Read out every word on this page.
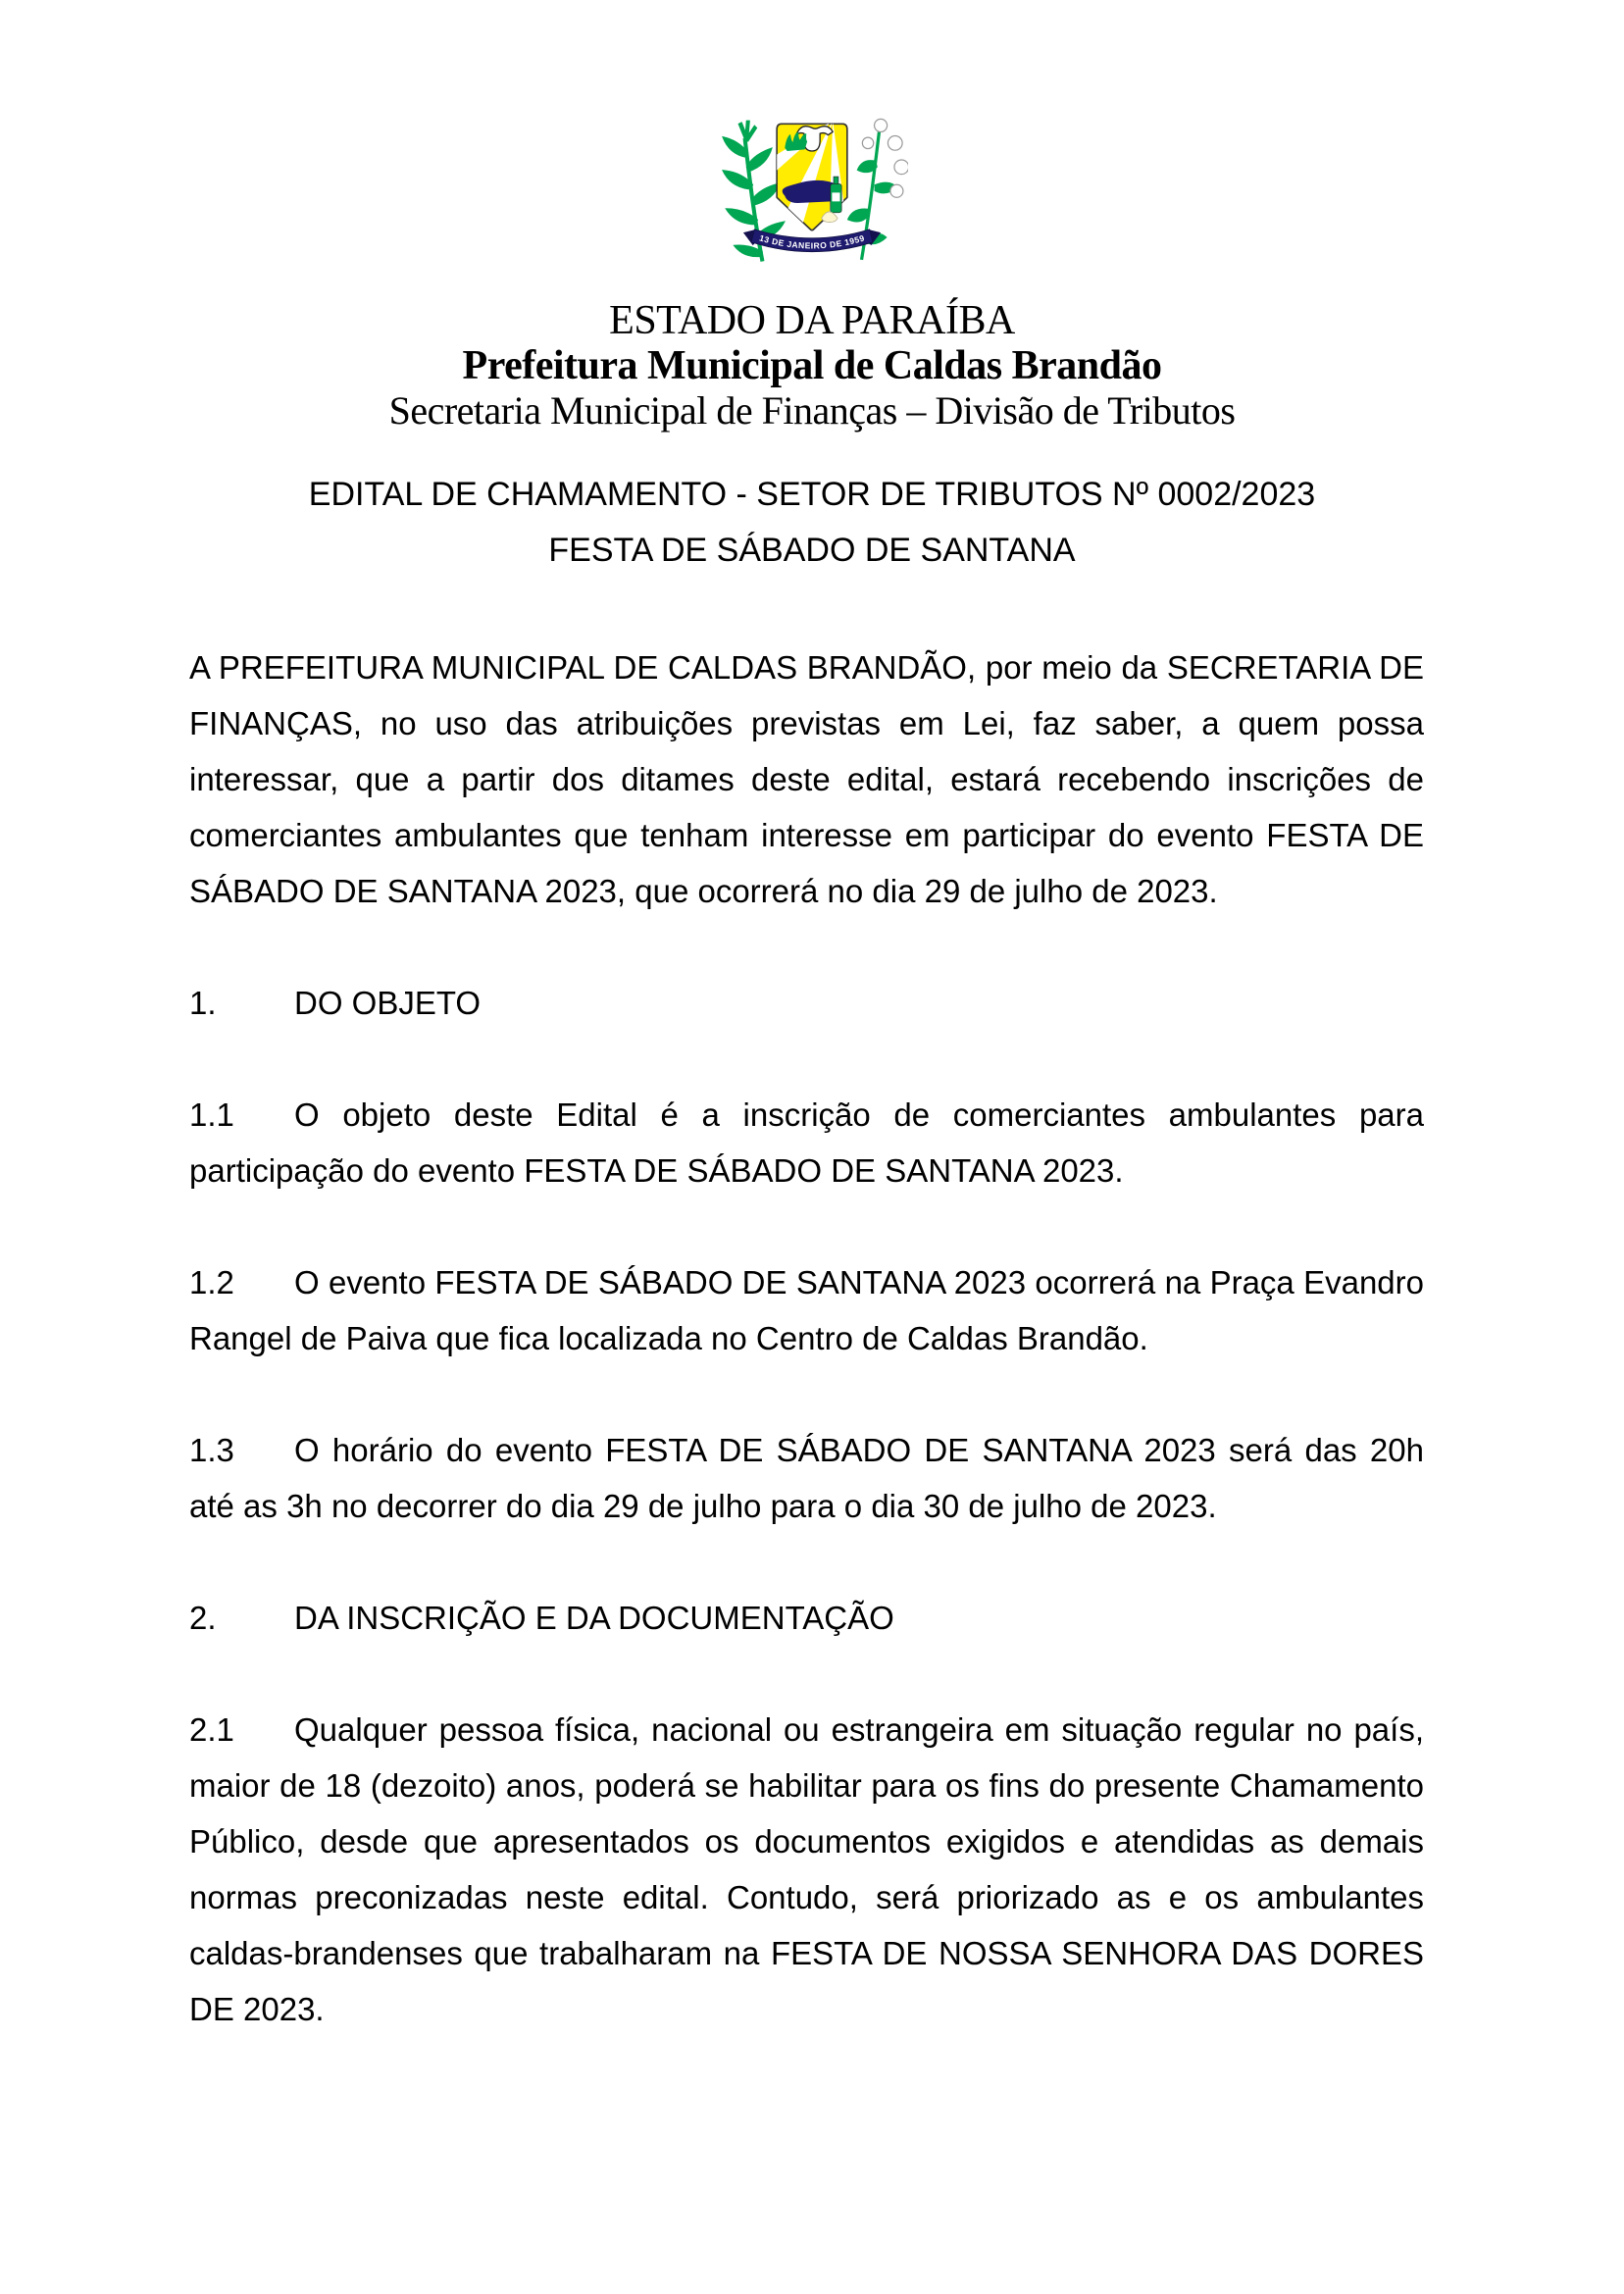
13 DE JANEIRO DE 1959
ESTADO DA PARAÍBA
Prefeitura Municipal de Caldas Brandão
Secretaria Municipal de Finanças – Divisão de Tributos
EDITAL DE CHAMAMENTO - SETOR DE TRIBUTOS Nº 0002/2023
FESTA DE SÁBADO DE SANTANA

A PREFEITURA MUNICIPAL DE CALDAS BRANDÃO, por meio da SECRETARIA DE FINANÇAS, no uso das atribuições previstas em Lei, faz saber, a quem possa interessar, que a partir dos ditames deste edital, estará recebendo inscrições de comerciantes ambulantes que tenham interesse em participar do evento FESTA DE SÁBADO DE SANTANA 2023, que ocorrerá no dia 29 de julho de 2023.

1. DO OBJETO

1.1 O objeto deste Edital é a inscrição de comerciantes ambulantes para participação do evento FESTA DE SÁBADO DE SANTANA 2023.

1.2 O evento FESTA DE SÁBADO DE SANTANA 2023 ocorrerá na Praça Evandro Rangel de Paiva que fica localizada no Centro de Caldas Brandão.

1.3 O horário do evento FESTA DE SÁBADO DE SANTANA 2023 será das 20h até as 3h no decorrer do dia 29 de julho para o dia 30 de julho de 2023.

2. DA INSCRIÇÃO E DA DOCUMENTAÇÃO

2.1 Qualquer pessoa física, nacional ou estrangeira em situação regular no país, maior de 18 (dezoito) anos, poderá se habilitar para os fins do presente Chamamento Público, desde que apresentados os documentos exigidos e atendidas as demais normas preconizadas neste edital. Contudo, será priorizado as e os ambulantes caldas-brandenses que trabalharam na FESTA DE NOSSA SENHORA DAS DORES DE 2023.
